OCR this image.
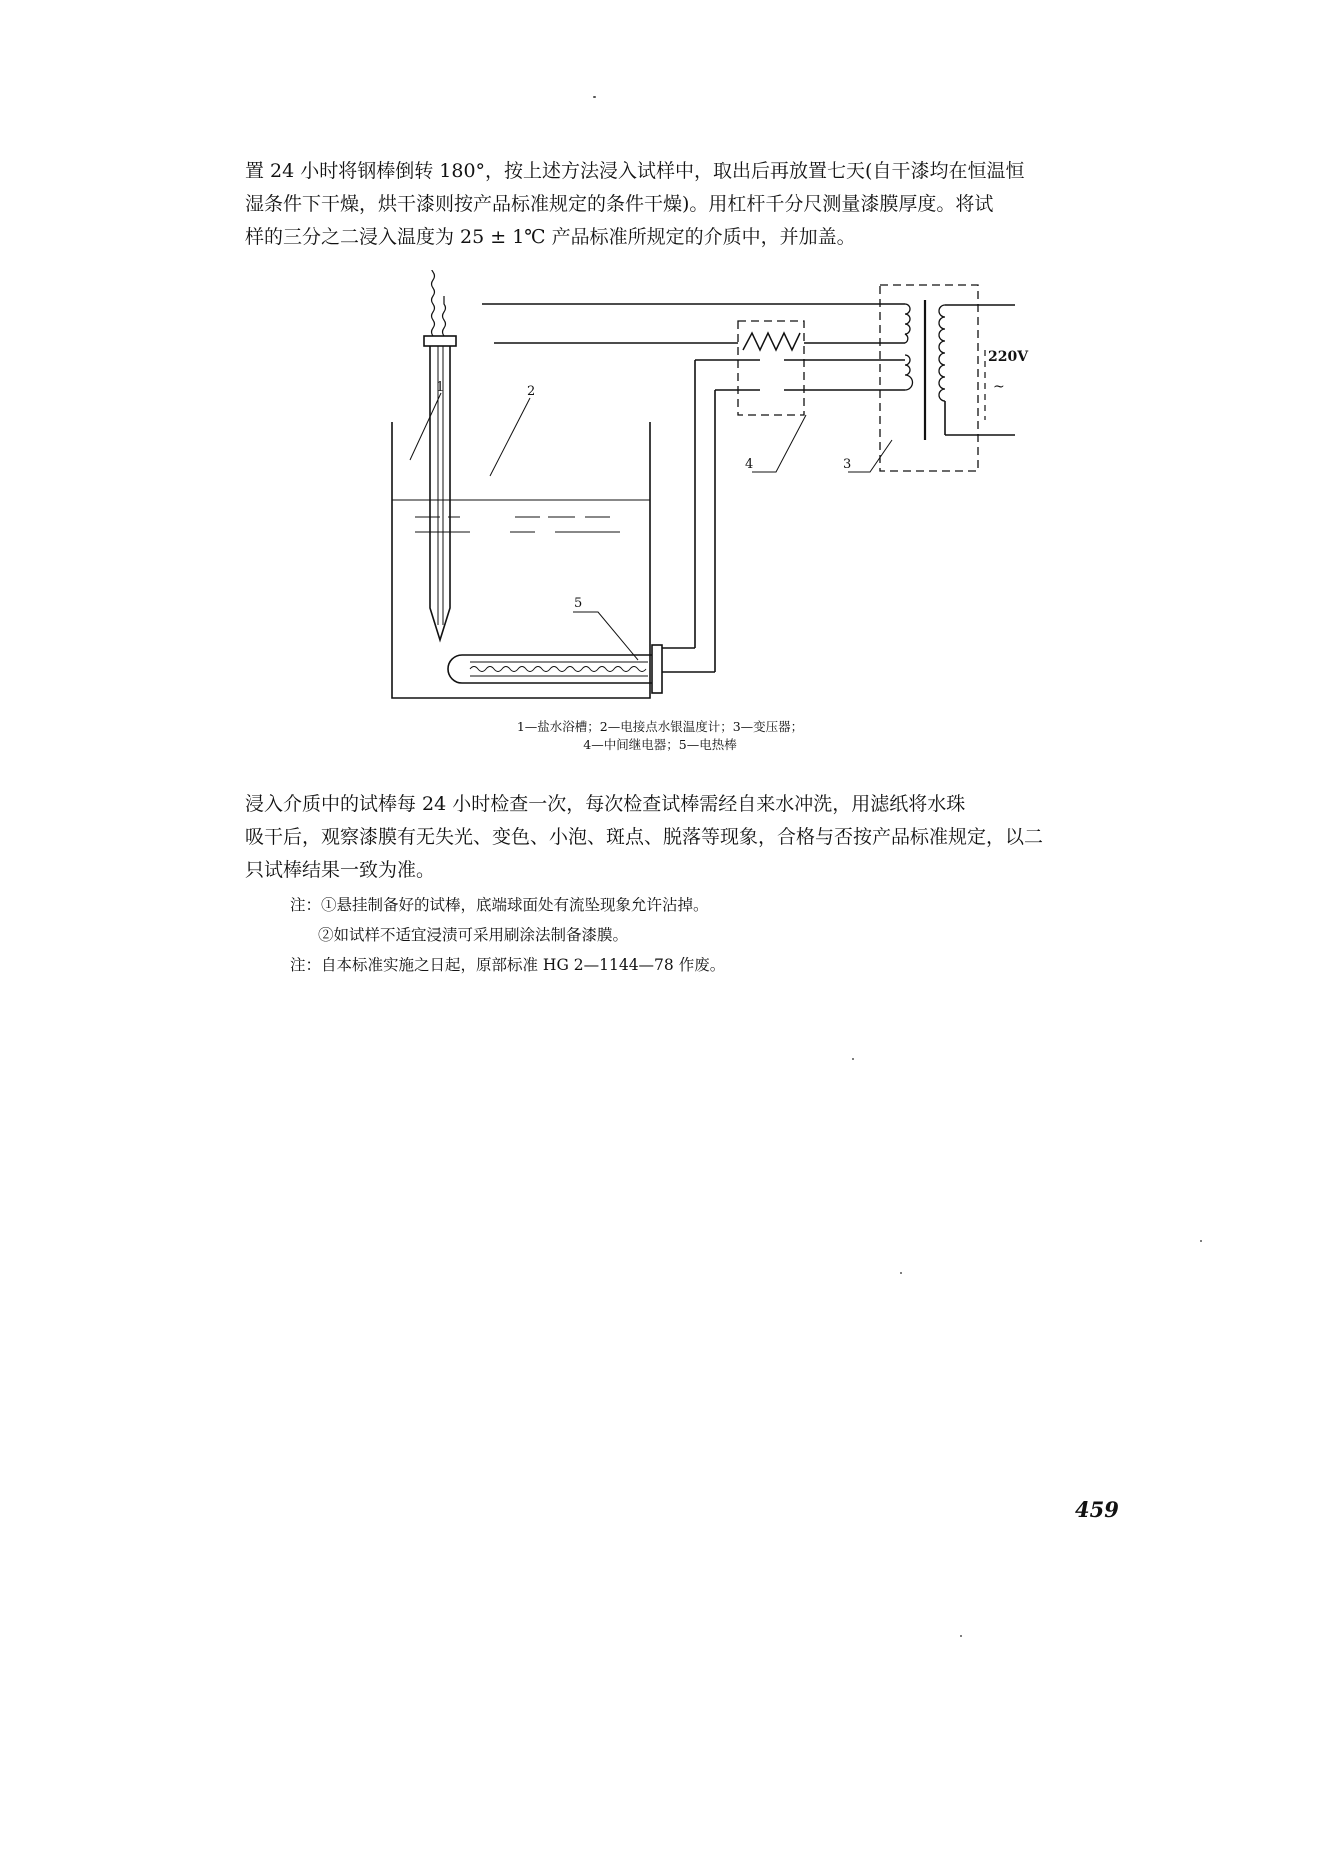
置 24 小时将钢棒倒转 180°，按上述方法浸入试样中，取出后再放置七天(自干漆均在恒温恒
湿条件下干燥，烘干漆则按产品标准规定的条件干燥)。用杠杆千分尺测量漆膜厚度。将试
样的三分之二浸入温度为 25 ± 1℃ 产品标准所规定的介质中，并加盖。
1	2
4	3
5
220V
~
1—盐水浴槽；2—电接点水银温度计；3—变压器；
4—中间继电器；5—电热棒
浸入介质中的试棒每 24 小时检查一次，每次检查试棒需经自来水冲洗，用滤纸将水珠
吸干后，观察漆膜有无失光、变色、小泡、斑点、脱落等现象，合格与否按产品标准规定，以二
只试棒结果一致为准。
注：①悬挂制备好的试棒，底端球面处有流坠现象允许沾掉。
②如试样不适宜浸渍可采用刷涂法制备漆膜。
注：自本标准实施之日起，原部标准 HG 2—1144—78 作废。
459
